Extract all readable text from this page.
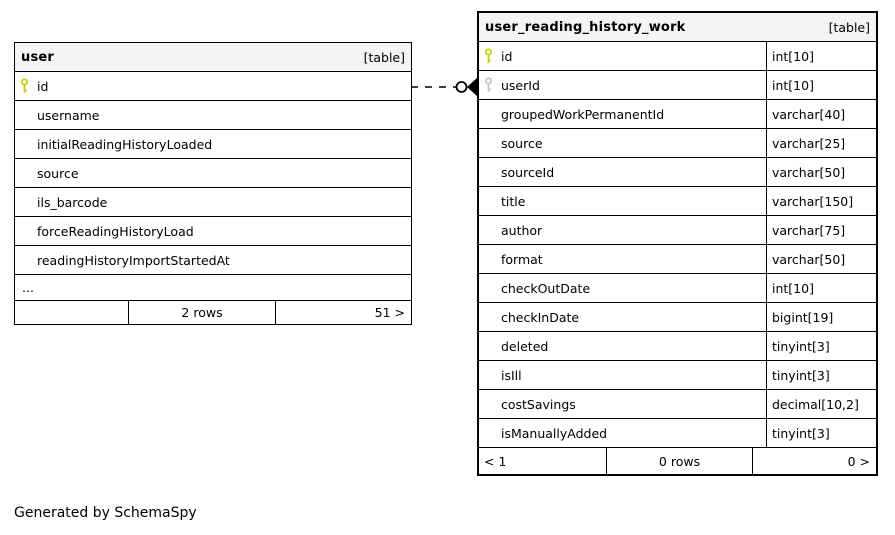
user	[table]
id
username
initialReadingHistoryLoaded
source
ils_barcode
forceReadingHistoryLoad
readingHistoryImportStartedAt
...
2 rows	51 >
user_reading_history_work	[table]
id	int[10]
userId	int[10]
groupedWorkPermanentId	varchar[40]
source	varchar[25]
sourceId	varchar[50]
title	varchar[150]
author	varchar[75]
format	varchar[50]
checkOutDate	int[10]
checkInDate	bigint[19]
deleted	tinyint[3]
isIll	tinyint[3]
costSavings	decimal[10,2]
isManuallyAdded	tinyint[3]
< 1	0 rows	0 >
Generated by SchemaSpy
